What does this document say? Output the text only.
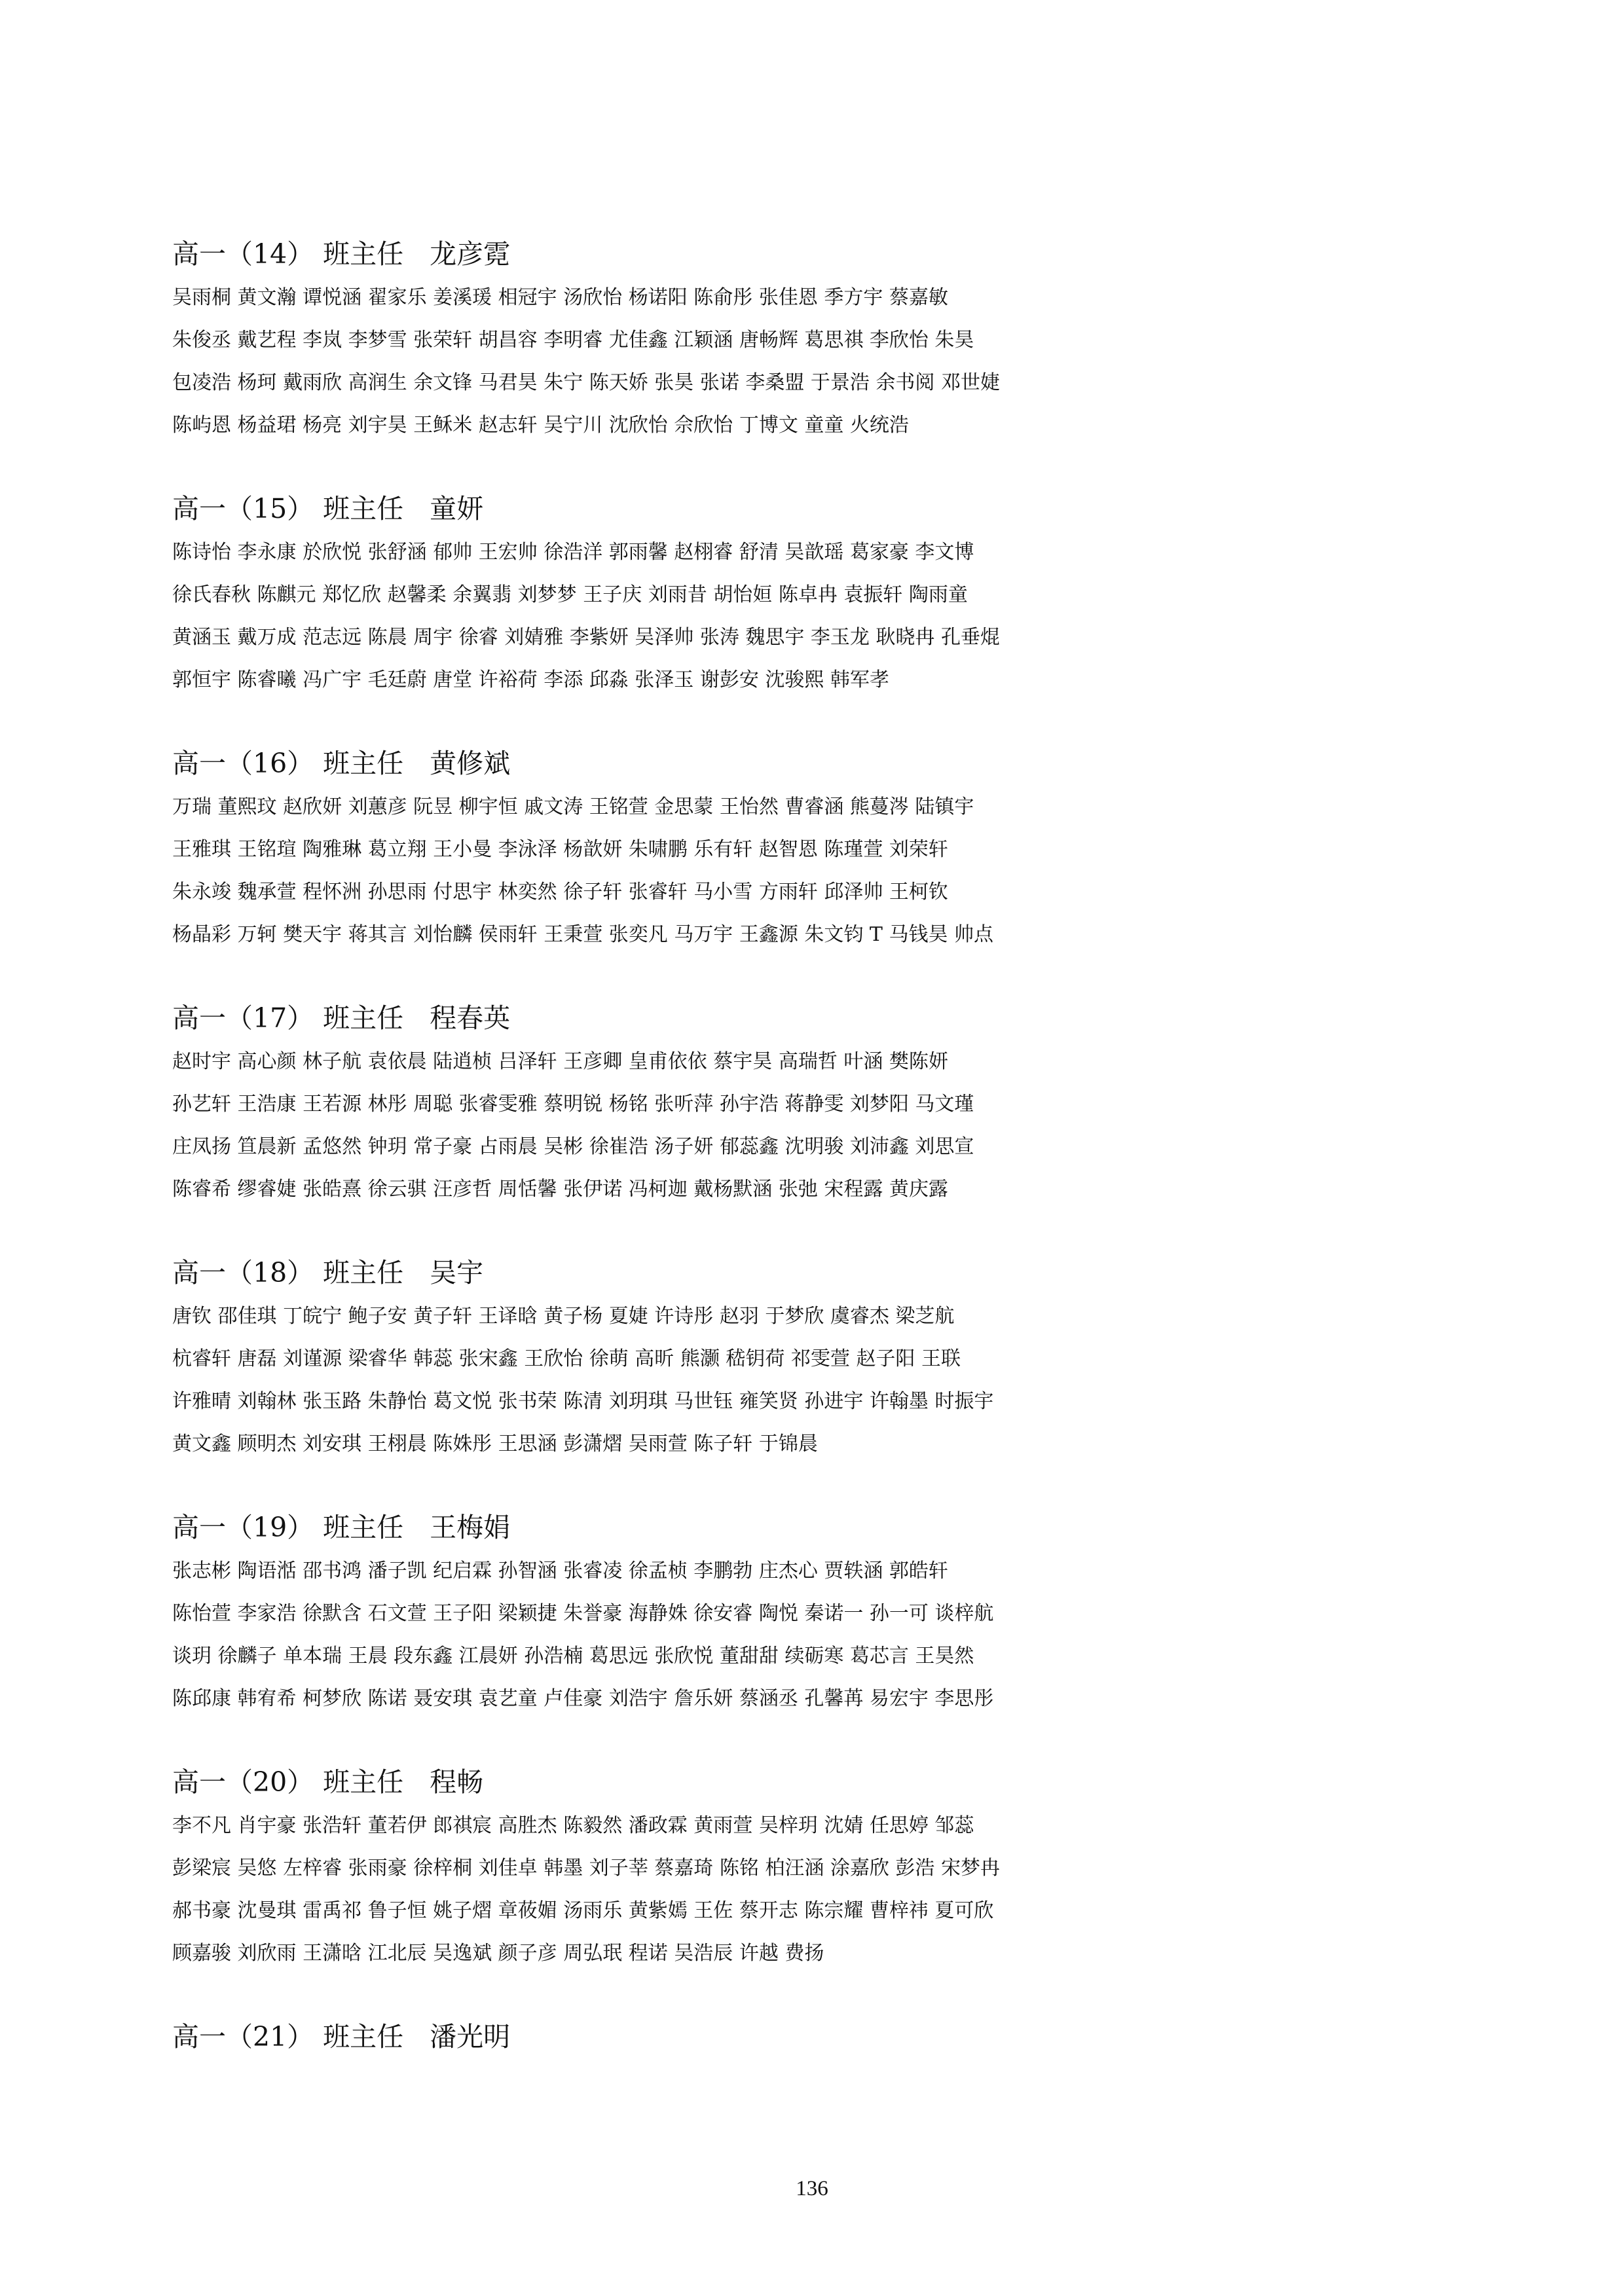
高一（14） 班主任 龙彦霓
吴雨桐 黄文瀚 谭悦涵 翟家乐 姜溪瑗 相冠宇 汤欣怡 杨诺阳 陈俞彤 张佳恩 季方宇 蔡嘉敏
朱俊丞 戴艺程 李岚 李梦雪 张荣轩 胡昌容 李明睿 尤佳鑫 江颖涵 唐畅辉 葛思祺 李欣怡 朱昊
包凌浩 杨珂 戴雨欣 高润生 余文锋 马君昊 朱宁 陈天娇 张昊 张诺 李桑盟 于景浩 余书阅 邓世婕
陈屿恩 杨益珺 杨亮 刘宇昊 王稣米 赵志轩 吴宁川 沈欣怡 佘欣怡 丁博文 童童 火统浩
高一（15） 班主任 童妍
陈诗怡 李永康 於欣悦 张舒涵 郁帅 王宏帅 徐浩洋 郭雨馨 赵栩睿 舒清 吴歆瑶 葛家豪 李文博
徐氏春秋 陈麒元 郑忆欣 赵馨柔 余翼翡 刘梦梦 王子庆 刘雨昔 胡怡姮 陈卓冉 袁振轩 陶雨童
黄涵玉 戴万成 范志远 陈晨 周宇 徐睿 刘婧雅 李紫妍 吴泽帅 张涛 魏思宇 李玉龙 耿晓冉 孔垂焜
郭恒宇 陈睿曦 冯广宇 毛廷蔚 唐堂 许裕荷 李添 邱淼 张泽玉 谢彭安 沈骏熙 韩军孝
高一（16） 班主任 黄修斌
万瑞 董熙玟 赵欣妍 刘蕙彦 阮昱 柳宇恒 戚文涛 王铭萱 金思蒙 王怡然 曹睿涵 熊蔓涔 陆镇宇
王雅琪 王铭瑄 陶雅琳 葛立翔 王小曼 李泳泽 杨歆妍 朱啸鹏 乐有轩 赵智恩 陈瑾萱 刘荣轩
朱永竣 魏承萱 程怀洲 孙思雨 付思宇 林奕然 徐子轩 张睿轩 马小雪 方雨轩 邱泽帅 王柯钦
杨晶彩 万轲 樊天宇 蒋其言 刘怡麟 侯雨轩 王秉萱 张奕凡 马万宇 王鑫源 朱文钧 T 马钱昊 帅点
高一（17） 班主任 程春英
赵时宇 高心颜 林子航 袁依晨 陆逍桢 吕泽轩 王彦卿 皇甫依依 蔡宇昊 高瑞哲 叶涵 樊陈妍
孙艺轩 王浩康 王若源 林彤 周聪 张睿雯雅 蔡明锐 杨铭 张听萍 孙宇浩 蒋静雯 刘梦阳 马文瑾
庄凤扬 笪晨新 孟悠然 钟玥 常子豪 占雨晨 吴彬 徐崔浩 汤子妍 郁蕊鑫 沈明骏 刘沛鑫 刘思宣
陈睿希 缪睿婕 张皓熹 徐云骐 汪彦哲 周恬馨 张伊诺 冯柯迦 戴杨默涵 张弛 宋程露 黄庆露
高一（18） 班主任 吴宇
唐钦 邵佳琪 丁皖宁 鲍子安 黄子轩 王译晗 黄子杨 夏婕 许诗彤 赵羽 于梦欣 虞睿杰 梁芝航
杭睿轩 唐磊 刘谨源 梁睿华 韩蕊 张宋鑫 王欣怡 徐萌 高昕 熊灏 嵇钥荷 祁雯萱 赵子阳 王联
许雅晴 刘翰林 张玉路 朱静怡 葛文悦 张书荣 陈清 刘玥琪 马世钰 雍笑贤 孙进宇 许翰墨 时振宇
黄文鑫 顾明杰 刘安琪 王栩晨 陈姝彤 王思涵 彭潇熠 吴雨萱 陈子轩 于锦晨
高一（19） 班主任 王梅娟
张志彬 陶语湉 邵书鸿 潘子凯 纪启霖 孙智涵 张睿凌 徐孟桢 李鹏勃 庄杰心 贾轶涵 郭皓轩
陈怡萱 李家浩 徐默含 石文萱 王子阳 梁颖捷 朱誉豪 海静姝 徐安睿 陶悦 秦诺一 孙一可 谈梓航
谈玥 徐麟子 单本瑞 王晨 段东鑫 江晨妍 孙浩楠 葛思远 张欣悦 董甜甜 续砺寒 葛芯言 王昊然
陈邱康 韩宥希 柯梦欣 陈诺 聂安琪 袁艺童 卢佳豪 刘浩宇 詹乐妍 蔡涵丞 孔馨苒 易宏宇 李思彤
高一（20） 班主任 程畅
李不凡 肖宇豪 张浩轩 董若伊 郎祺宸 高胜杰 陈毅然 潘政霖 黄雨萱 吴梓玥 沈婧 任思婷 邹蕊
彭梁宸 吴悠 左梓睿 张雨豪 徐梓桐 刘佳卓 韩墨 刘子莘 蔡嘉琦 陈铭 柏汪涵 涂嘉欣 彭浩 宋梦冉
郝书豪 沈曼琪 雷禹祁 鲁子恒 姚子熠 章莜媚 汤雨乐 黄紫嫣 王佐 蔡开志 陈宗耀 曹梓祎 夏可欣
顾嘉骏 刘欣雨 王潇晗 江北辰 吴逸斌 颜子彦 周弘珉 程诺 吴浩辰 许越 费扬
高一（21） 班主任 潘光明
136
